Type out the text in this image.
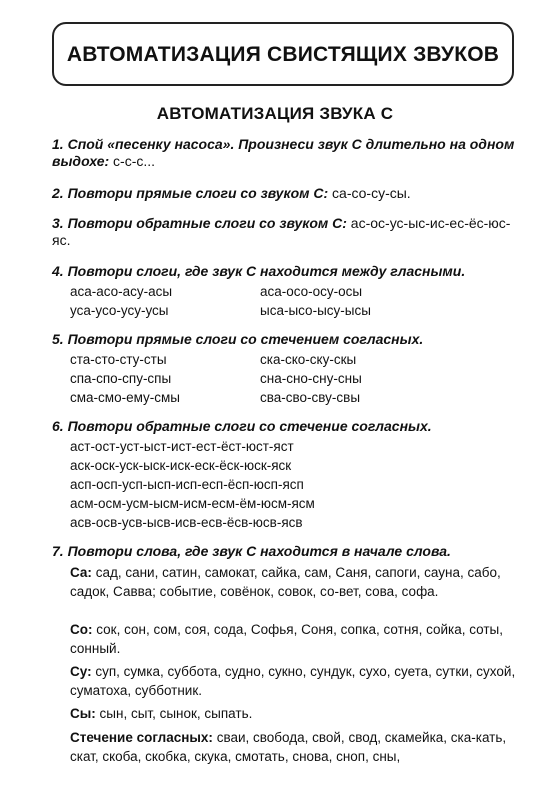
АВТОМАТИЗАЦИЯ СВИСТЯЩИХ ЗВУКОВ
АВТОМАТИЗАЦИЯ ЗВУКА С
1. Спой «песенку насоса». Произнеси звук С длительно на одном выдохе: с-с-с...
2. Повтори прямые слоги со звуком С: са-со-су-сы.
3. Повтори обратные слоги со звуком С: ас-ос-ус-ыс-ис-ес-ёс-юс-яс.
4. Повтори слоги, где звук С находится между гласными.
аса-асо-асу-асы	аса-осо-осу-осы
уса-усо-усу-усы	ыса-ысо-ысу-ысы
5. Повтори прямые слоги со стечением согласных.
ста-сто-сту-сты	ска-ско-ску-скы
спа-спо-спу-спы	сна-сно-сну-сны
сма-смо-ему-смы	сва-сво-сву-свы
6. Повтори обратные слоги со стечение согласных.
аст-ост-уст-ыст-ист-ест-ёст-юст-яст
аск-оск-уск-ыск-иск-еск-ёск-юск-яск
асп-осп-усп-ысп-исп-есп-ёсп-юсп-ясп
асм-осм-усм-ысм-исм-есм-ём-юсм-ясм
асв-осв-усв-ысв-исв-есв-ёсв-юсв-ясв
7. Повтори слова, где звук С находится в начале слова.
Са: сад, сани, сатин, самокат, сайка, сам, Саня, сапоги, сауна, сабо, садок, Савва; событие, совёнок, совок, со-вет, сова, софа.
Со: сок, сон, сом, соя, сода, Софья, Соня, сопка, сотня, сойка, соты, сонный.
Су: суп, сумка, суббота, судно, сукно, сундук, сухо, суета, сутки, сухой, суматоха, субботник.
Сы: сын, сыт, сынок, сыпать.
Стечение согласных: сваи, свобода, свой, свод, скамейка, ска-кать, скат, скоба, скобка, скука, смотать, снова, сноп, сны,
